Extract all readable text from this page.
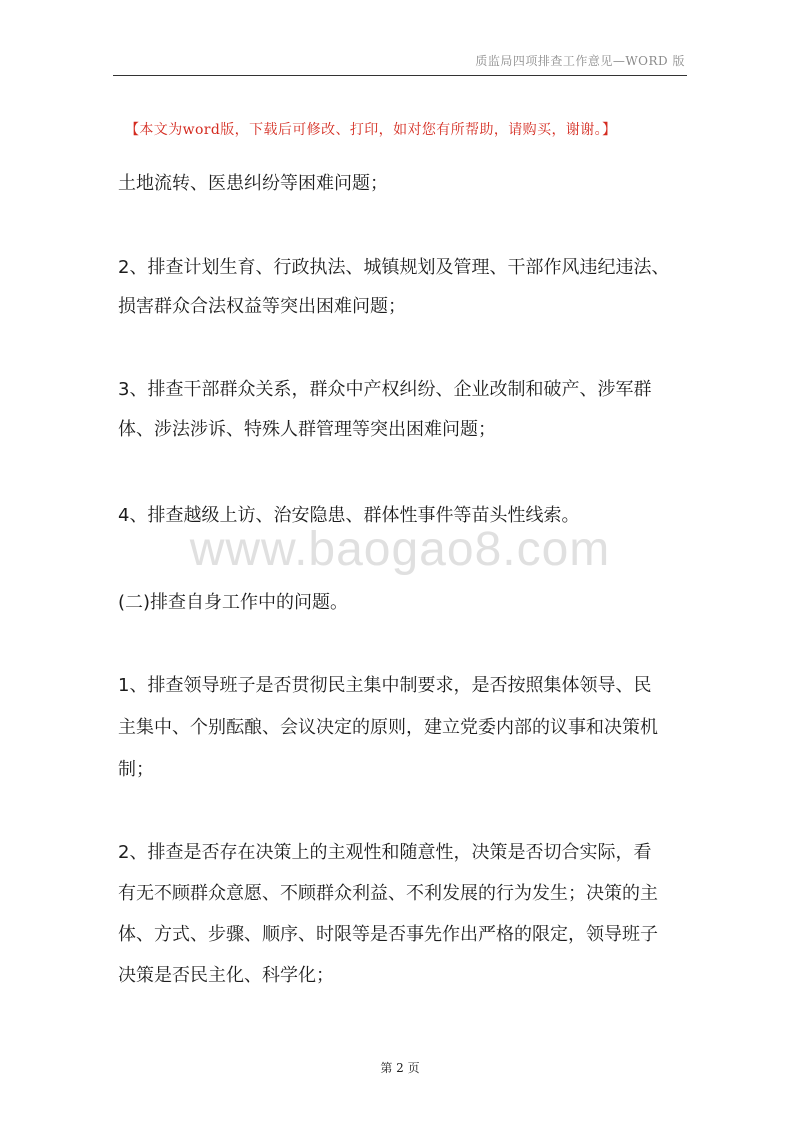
质监局四项排查工作意见—WORD 版
【本文为word版，下载后可修改、打印，如对您有所帮助，请购买，谢谢。】
www.baogao8.com
土地流转、医患纠纷等困难问题；
2、排查计划生育、行政执法、城镇规划及管理、干部作风违纪违法、
损害群众合法权益等突出困难问题；
3、排查干部群众关系，群众中产权纠纷、企业改制和破产、涉军群
体、涉法涉诉、特殊人群管理等突出困难问题；
4、排查越级上访、治安隐患、群体性事件等苗头性线索。
(二)排查自身工作中的问题。
1、排查领导班子是否贯彻民主集中制要求，是否按照集体领导、民
主集中、个别酝酿、会议决定的原则，建立党委内部的议事和决策机
制；
2、排查是否存在决策上的主观性和随意性，决策是否切合实际，看
有无不顾群众意愿、不顾群众利益、不利发展的行为发生；决策的主
体、方式、步骤、顺序、时限等是否事先作出严格的限定，领导班子
决策是否民主化、科学化；
第 2 页
